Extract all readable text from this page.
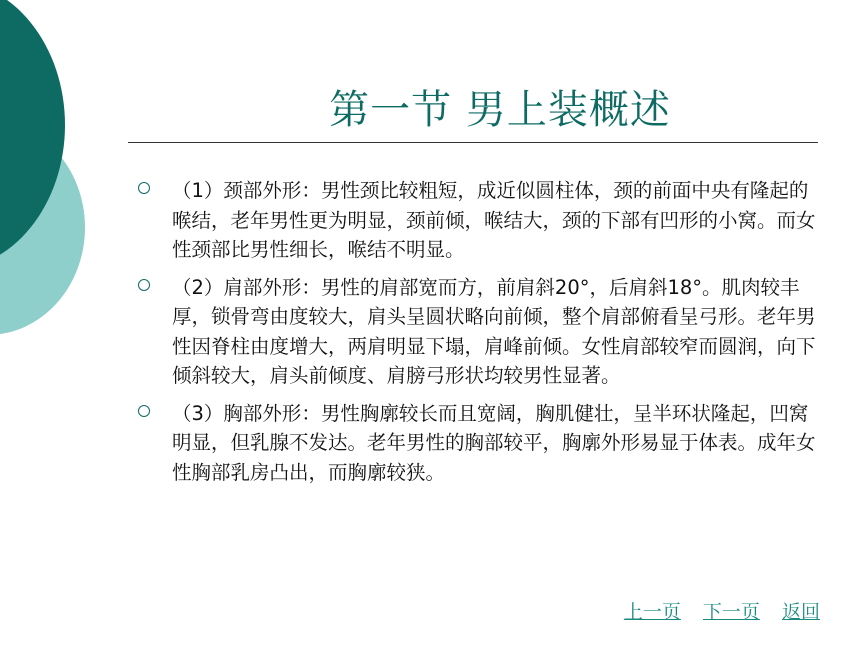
第一节 男上装概述
（1）颈部外形：男性颈比较粗短，成近似圆柱体，颈的前面中央有隆起的喉结，老年男性更为明显，颈前倾，喉结大，颈的下部有凹形的小窝。而女性颈部比男性细长，喉结不明显。
（2）肩部外形：男性的肩部宽而方，前肩斜20°，后肩斜18°。肌肉较丰厚，锁骨弯由度较大，肩头呈圆状略向前倾，整个肩部俯看呈弓形。老年男性因脊柱由度增大，两肩明显下塌，肩峰前倾。女性肩部较窄而圆润，向下倾斜较大，肩头前倾度、肩膀弓形状均较男性显著。
（3）胸部外形：男性胸廓较长而且宽阔，胸肌健壮，呈半环状隆起，凹窝明显，但乳腺不发达。老年男性的胸部较平，胸廓外形易显于体表。成年女性胸部乳房凸出，而胸廓较狭。
上一页 下一页 返回
